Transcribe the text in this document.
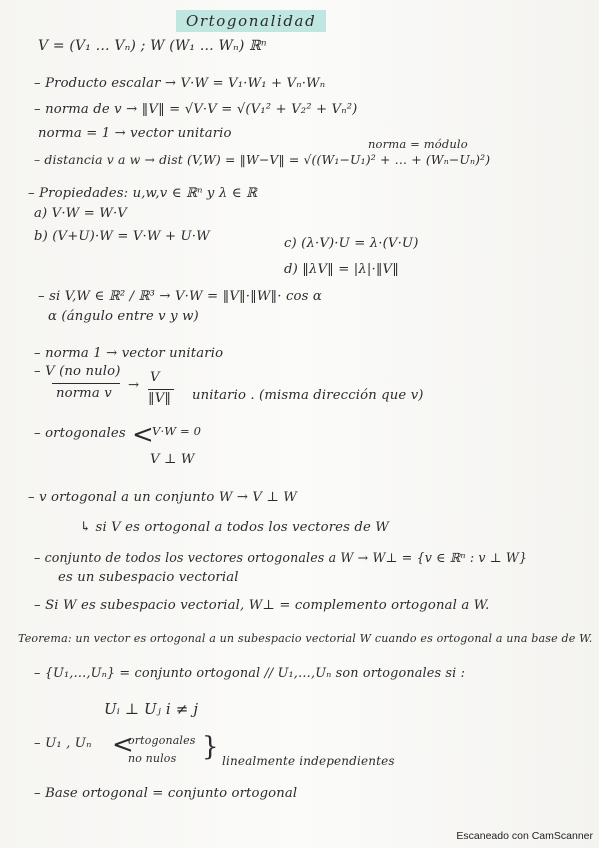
Ortogonalidad
V = (V₁ … Vₙ) ; W (W₁ … Wₙ) ℝⁿ
– Producto escalar → V·W = V₁·W₁ + Vₙ·Wₙ
– norma de v → ‖V‖ = √V·V = √(V₁² + V₂² + Vₙ²)
norma = módulo
norma = 1 → vector unitario
– distancia v a w → dist (V,W) = ‖W−V‖ = √((W₁−U₁)² + … + (Wₙ−Uₙ)²)
– Propiedades: u,w,v ∈ ℝⁿ y λ ∈ ℝ
a) V·W = W·V
b) (V+U)·W = V·W + U·W	c) (λ·V)·U = λ·(V·U)
d) ‖λV‖ = |λ|·‖V‖
– si V,W ∈ ℝ² / ℝ³ → V·W = ‖V‖·‖W‖· cos α
α (ángulo entre v y w)
– norma 1 → vector unitario
– V (no nulo)
norma v
→
V
‖V‖ unitario . (misma dirección que v)
– ortogonales <
V·W = 0
V ⊥ W
– v ortogonal a un conjunto W → V ⊥ W
↳ si V es ortogonal a todos los vectores de W
– conjunto de todos los vectores ortogonales a W → W⊥ = {v ∈ ℝⁿ : v ⊥ W}
es un subespacio vectorial
– Si W es subespacio vectorial, W⊥ = complemento ortogonal a W.
Teorema: un vector es ortogonal a un subespacio vectorial W cuando es ortogonal a una base de W.
– {U₁,…,Uₙ} = conjunto ortogonal // U₁,…,Uₙ son ortogonales si :
Uᵢ ⊥ Uⱼ i ≠ j
– U₁ , Uₙ <
ortogonales
no nulos } linealmente independientes
– Base ortogonal = conjunto ortogonal
Escaneado con CamScanner
